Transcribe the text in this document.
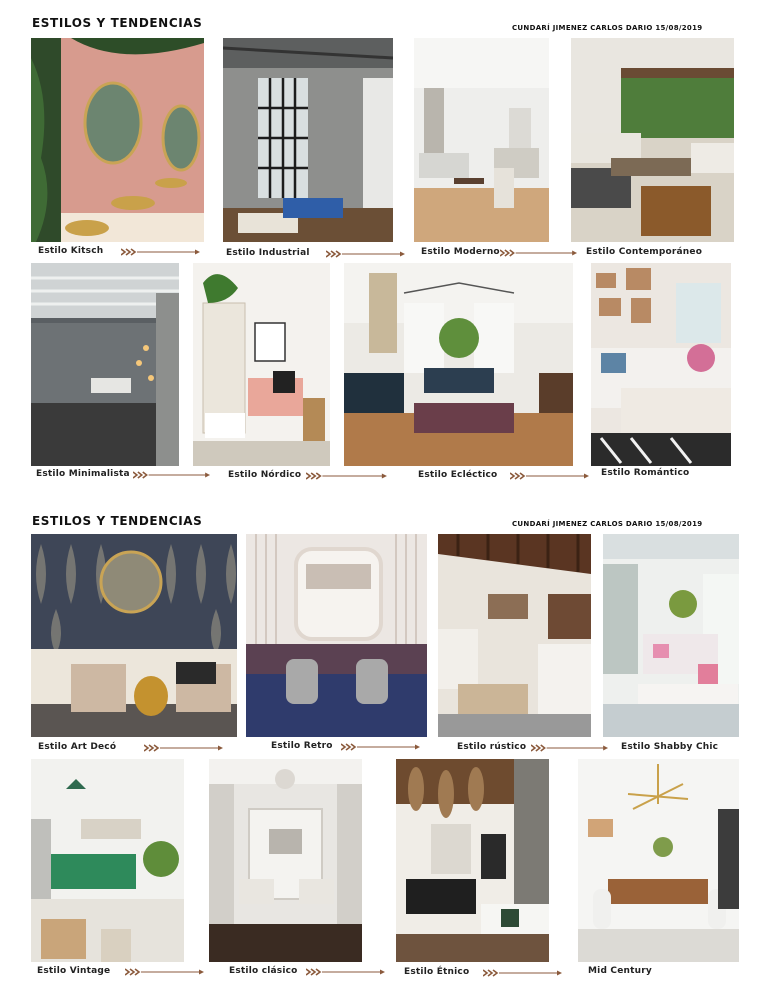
ESTILOS Y TENDENCIAS	CUNDARÍ JIMENEZ CARLOS DARIO 15/08/2019
Estilo Kitsch	Estilo Industrial	Estilo Moderno	Estilo Contemporáneo
Estilo Minimalista	Estilo Nórdico	Estilo Ecléctico	Estilo Romántico
ESTILOS Y TENDENCIAS	CUNDARÍ JIMENEZ CARLOS DARIO 15/08/2019
Estilo Art Decó	Estilo Retro	Estilo rústico	Estilo Shabby Chic
Estilo Vintage	Estilo clásico	Estilo Étnico	Mid Century
